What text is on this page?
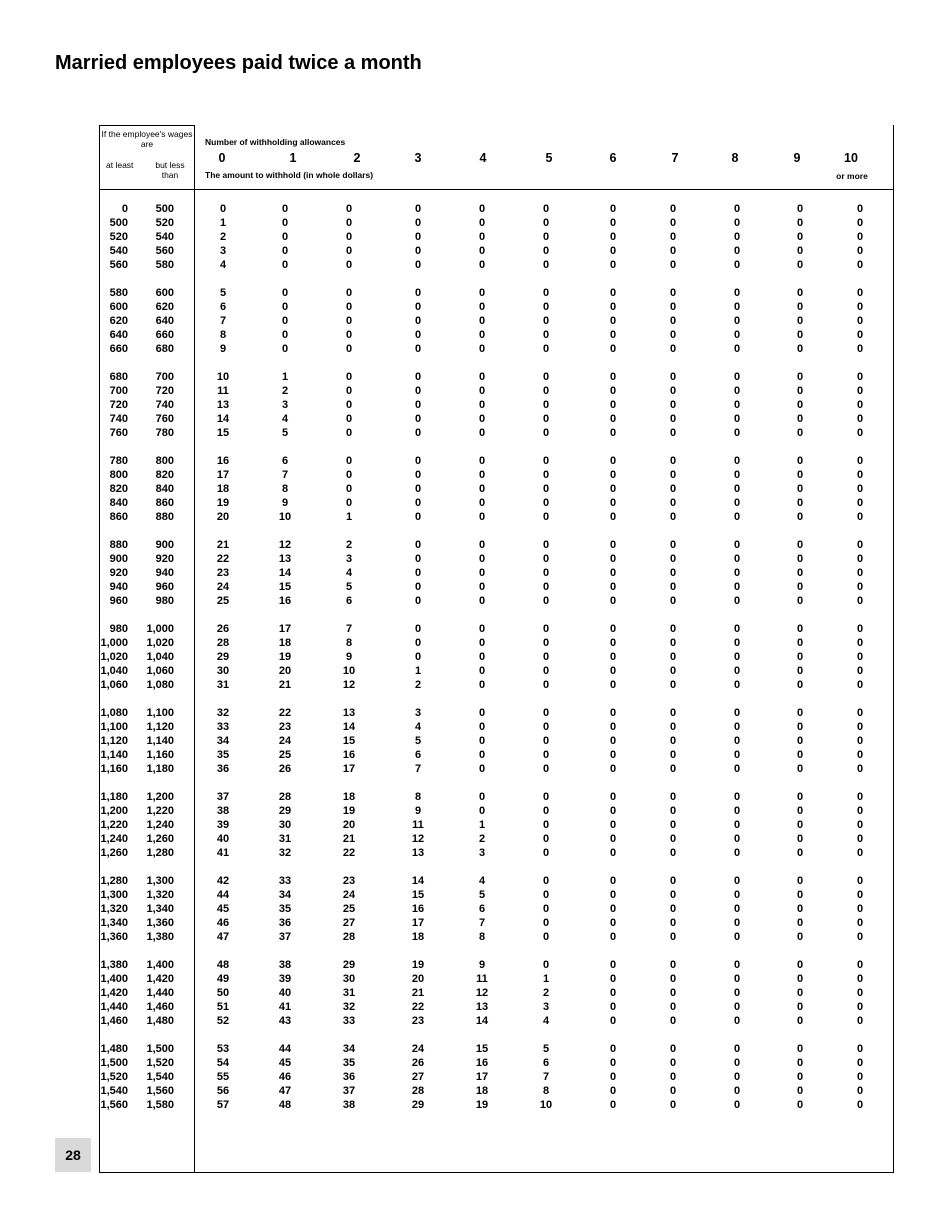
Married employees paid twice a month
If the employee's wages are
at least	but less than
Number of withholding allowances
The amount to withhold (in whole dollars)	or more
0	1	2	3	4	5	6	7	8	9	10
0	500	0	0	0	0	0	0	0	0	0	0	0
500	520	1	0	0	0	0	0	0	0	0	0	0
520	540	2	0	0	0	0	0	0	0	0	0	0
540	560	3	0	0	0	0	0	0	0	0	0	0
560	580	4	0	0	0	0	0	0	0	0	0	0
580	600	5	0	0	0	0	0	0	0	0	0	0
600	620	6	0	0	0	0	0	0	0	0	0	0
620	640	7	0	0	0	0	0	0	0	0	0	0
640	660	8	0	0	0	0	0	0	0	0	0	0
660	680	9	0	0	0	0	0	0	0	0	0	0
680	700	10	1	0	0	0	0	0	0	0	0	0
700	720	11	2	0	0	0	0	0	0	0	0	0
720	740	13	3	0	0	0	0	0	0	0	0	0
740	760	14	4	0	0	0	0	0	0	0	0	0
760	780	15	5	0	0	0	0	0	0	0	0	0
780	800	16	6	0	0	0	0	0	0	0	0	0
800	820	17	7	0	0	0	0	0	0	0	0	0
820	840	18	8	0	0	0	0	0	0	0	0	0
840	860	19	9	0	0	0	0	0	0	0	0	0
860	880	20	10	1	0	0	0	0	0	0	0	0
880	900	21	12	2	0	0	0	0	0	0	0	0
900	920	22	13	3	0	0	0	0	0	0	0	0
920	940	23	14	4	0	0	0	0	0	0	0	0
940	960	24	15	5	0	0	0	0	0	0	0	0
960	980	25	16	6	0	0	0	0	0	0	0	0
980	1,000	26	17	7	0	0	0	0	0	0	0	0
1,000	1,020	28	18	8	0	0	0	0	0	0	0	0
1,020	1,040	29	19	9	0	0	0	0	0	0	0	0
1,040	1,060	30	20	10	1	0	0	0	0	0	0	0
1,060	1,080	31	21	12	2	0	0	0	0	0	0	0
1,080	1,100	32	22	13	3	0	0	0	0	0	0	0
1,100	1,120	33	23	14	4	0	0	0	0	0	0	0
1,120	1,140	34	24	15	5	0	0	0	0	0	0	0
1,140	1,160	35	25	16	6	0	0	0	0	0	0	0
1,160	1,180	36	26	17	7	0	0	0	0	0	0	0
1,180	1,200	37	28	18	8	0	0	0	0	0	0	0
1,200	1,220	38	29	19	9	0	0	0	0	0	0	0
1,220	1,240	39	30	20	11	1	0	0	0	0	0	0
1,240	1,260	40	31	21	12	2	0	0	0	0	0	0
1,260	1,280	41	32	22	13	3	0	0	0	0	0	0
1,280	1,300	42	33	23	14	4	0	0	0	0	0	0
1,300	1,320	44	34	24	15	5	0	0	0	0	0	0
1,320	1,340	45	35	25	16	6	0	0	0	0	0	0
1,340	1,360	46	36	27	17	7	0	0	0	0	0	0
1,360	1,380	47	37	28	18	8	0	0	0	0	0	0
1,380	1,400	48	38	29	19	9	0	0	0	0	0	0
1,400	1,420	49	39	30	20	11	1	0	0	0	0	0
1,420	1,440	50	40	31	21	12	2	0	0	0	0	0
1,440	1,460	51	41	32	22	13	3	0	0	0	0	0
1,460	1,480	52	43	33	23	14	4	0	0	0	0	0
1,480	1,500	53	44	34	24	15	5	0	0	0	0	0
1,500	1,520	54	45	35	26	16	6	0	0	0	0	0
1,520	1,540	55	46	36	27	17	7	0	0	0	0	0
1,540	1,560	56	47	37	28	18	8	0	0	0	0	0
1,560	1,580	57	48	38	29	19	10	0	0	0	0	0
28
